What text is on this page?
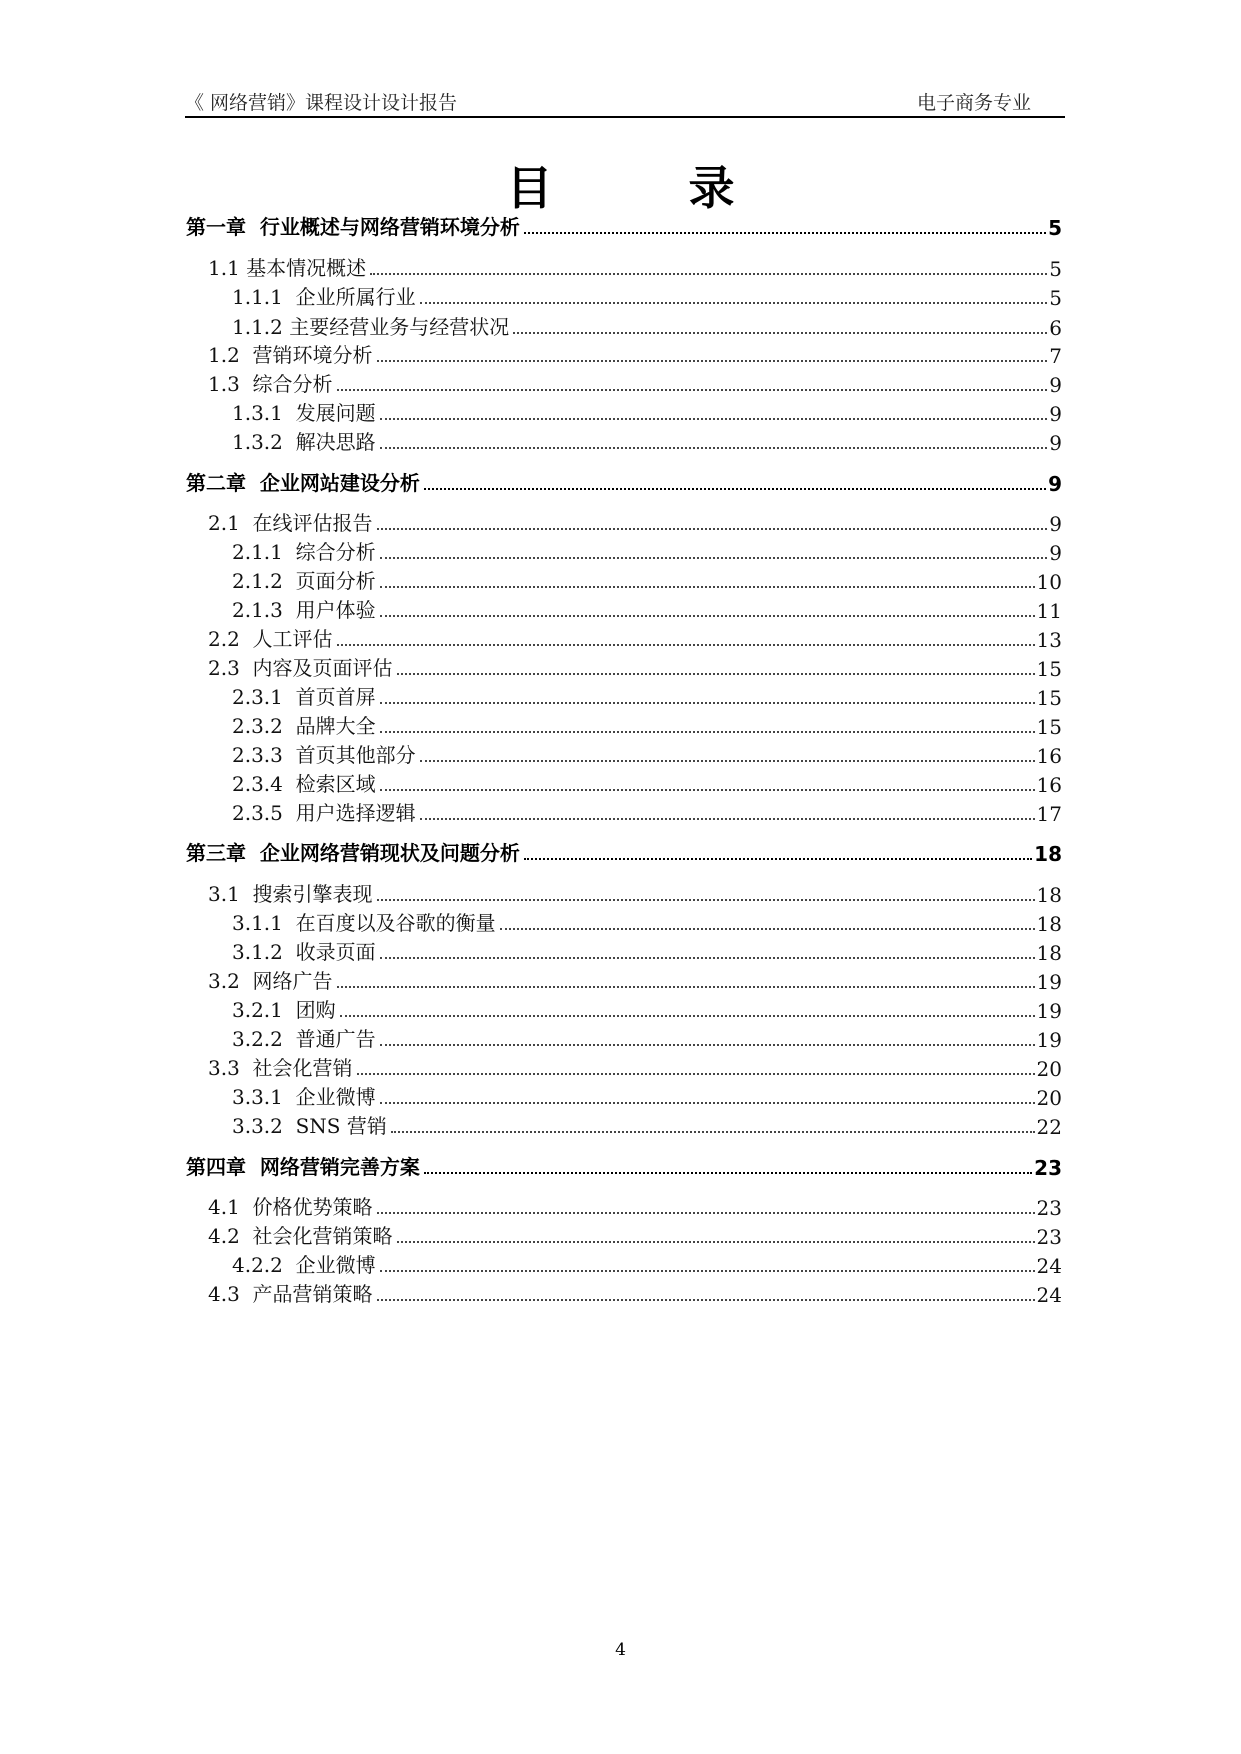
《 网络营销》课程设计设计报告	电子商务专业
目 录
第一章  行业概述与网络营销环境分析	5
1.1 基本情况概述	5
1.1.1  企业所属行业	5
1.1.2 主要经营业务与经营状况	6
1.2  营销环境分析	7
1.3  综合分析	9
1.3.1  发展问题	9
1.3.2  解决思路	9
第二章  企业网站建设分析	9
2.1  在线评估报告	9
2.1.1  综合分析	9
2.1.2  页面分析	10
2.1.3  用户体验	11
2.2  人工评估	13
2.3  内容及页面评估	15
2.3.1  首页首屏	15
2.3.2  品牌大全	15
2.3.3  首页其他部分	16
2.3.4  检索区域	16
2.3.5  用户选择逻辑	17
第三章  企业网络营销现状及问题分析	18
3.1  搜索引擎表现	18
3.1.1  在百度以及谷歌的衡量	18
3.1.2  收录页面	18
3.2  网络广告	19
3.2.1  团购	19
3.2.2  普通广告	19
3.3  社会化营销	20
3.3.1  企业微博	20
3.3.2  SNS 营销	22
第四章  网络营销完善方案	23
4.1  价格优势策略	23
4.2  社会化营销策略	23
4.2.2  企业微博	24
4.3  产品营销策略	24
4
